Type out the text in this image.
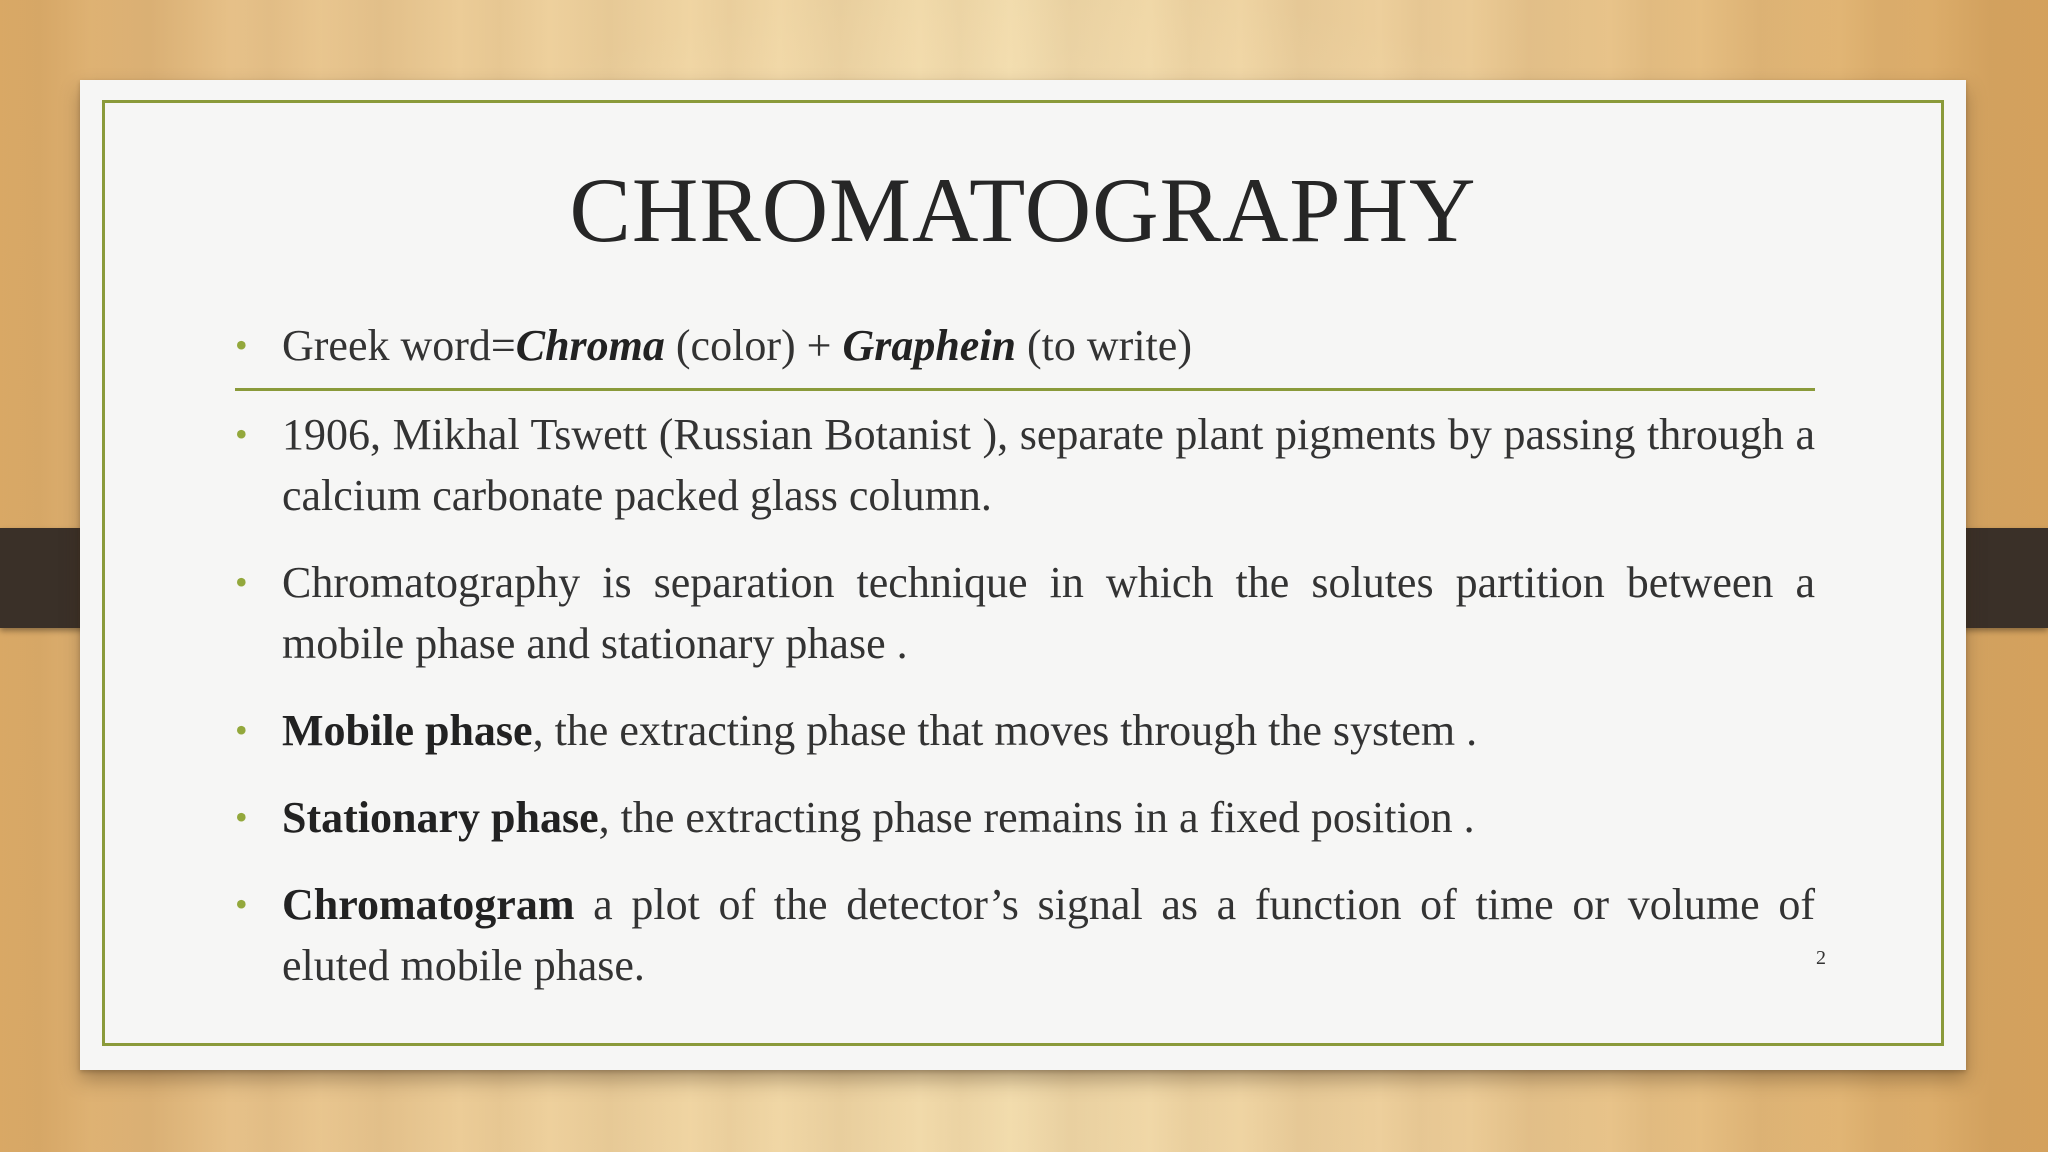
CHROMATOGRAPHY
• Greek word=Chroma (color) + Graphein (to write)
• 1906, Mikhal Tswett (Russian Botanist ), separate plant pigments by passing through a calcium carbonate packed glass column.
• Chromatography is separation technique in which the solutes partition between a mobile phase and stationary phase .
• Mobile phase, the extracting phase that moves through the system .
• Stationary phase, the extracting phase remains in a fixed position .
• Chromatogram a plot of the detector’s signal as a function of time or volume of eluted mobile phase.	2
